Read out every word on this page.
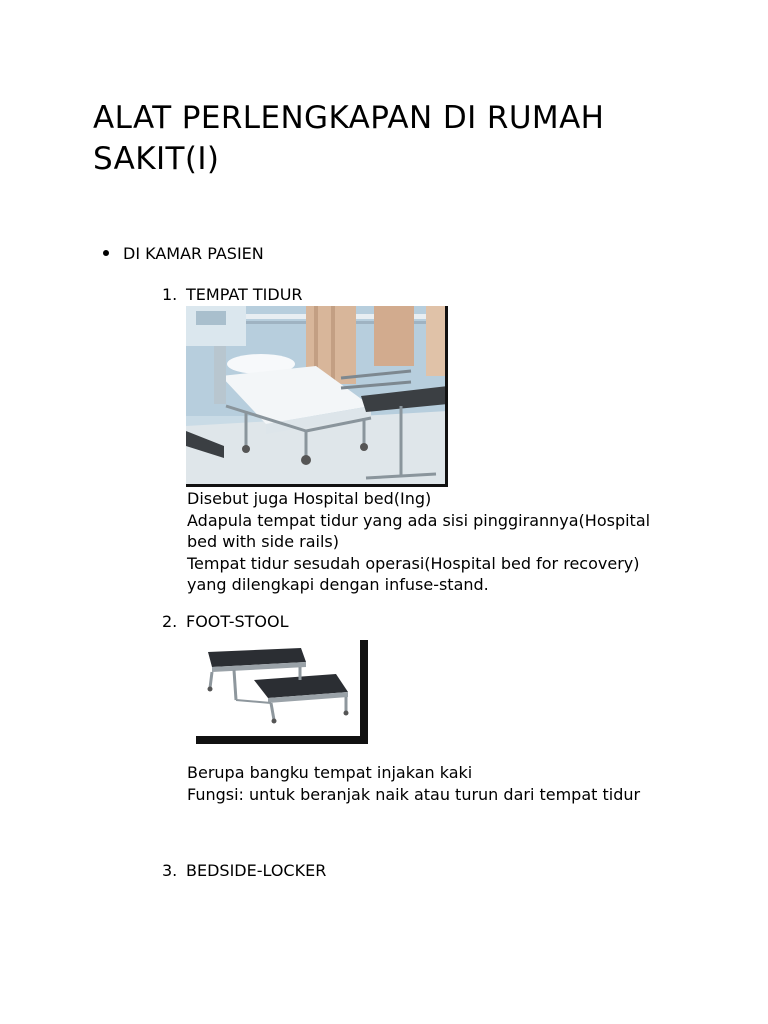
ALAT PERLENGKAPAN DI RUMAH SAKIT(I)
DI KAMAR PASIEN
1. TEMPAT TIDUR

Disebut juga Hospital bed(Ing)

Adapula tempat tidur yang ada sisi pinggirannya(Hospital bed with side rails)

Tempat tidur sesudah operasi(Hospital bed for recovery) yang dilengkapi dengan infuse-stand.

2. FOOT-STOOL

Berupa bangku tempat injakan kaki

Fungsi: untuk beranjak naik atau turun dari tempat tidur

3. BEDSIDE-LOCKER
